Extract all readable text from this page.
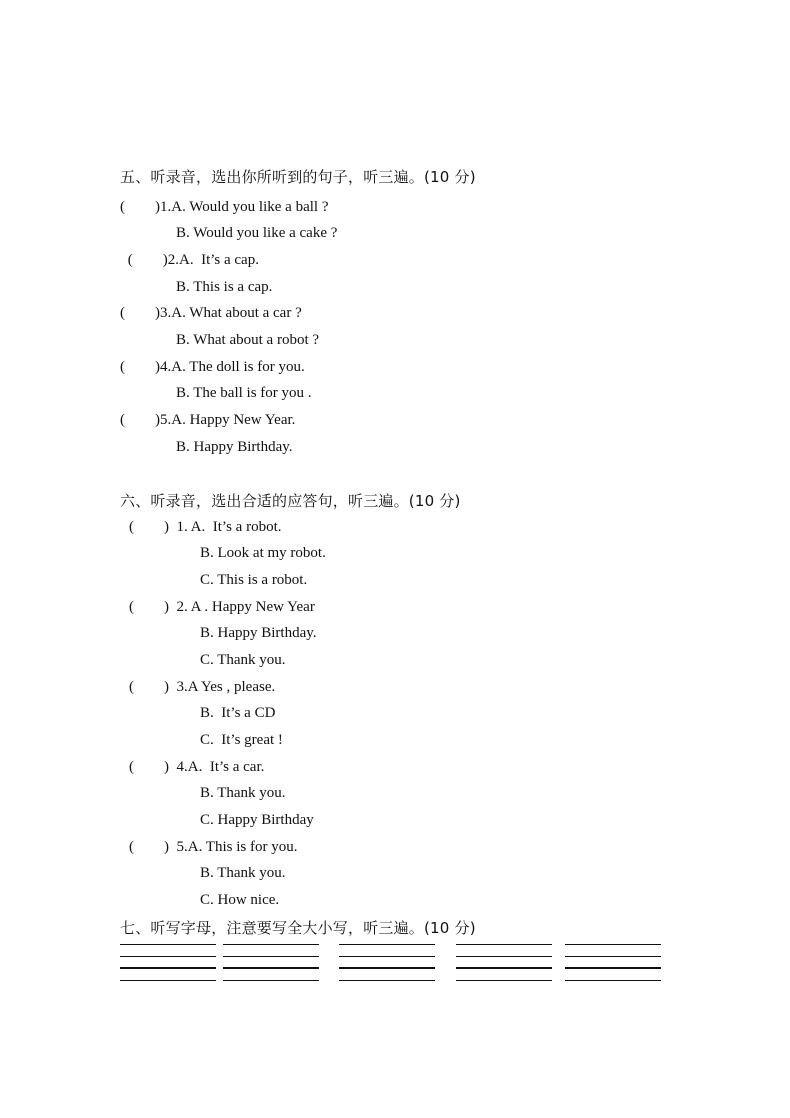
五、听录音，选出你所听到的句子，听三遍。(10 分)
(        )1.A. Would you like a ball ?
B. Would you like a cake ?
(        )2.A.  It’s a cap.
B. This is a cap.
(        )3.A. What about a car ?
B. What about a robot ?
(        )4.A. The doll is for you.
B. The ball is for you .
(        )5.A. Happy New Year.
B. Happy Birthday.
六、听录音，选出合适的应答句，听三遍。(10 分)
(        )  1. A.  It’s a robot.
B. Look at my robot.
C. This is a robot.
(        )  2. A . Happy New Year
B. Happy Birthday.
C. Thank you.
(        )  3.A Yes , please.
B.  It’s a CD
C.  It’s great !
(        )  4.A.  It’s a car.
B. Thank you.
C. Happy Birthday
(        )  5.A. This is for you.
B. Thank you.
C. How nice.
七、听写字母，注意要写全大小写，听三遍。(10 分)
